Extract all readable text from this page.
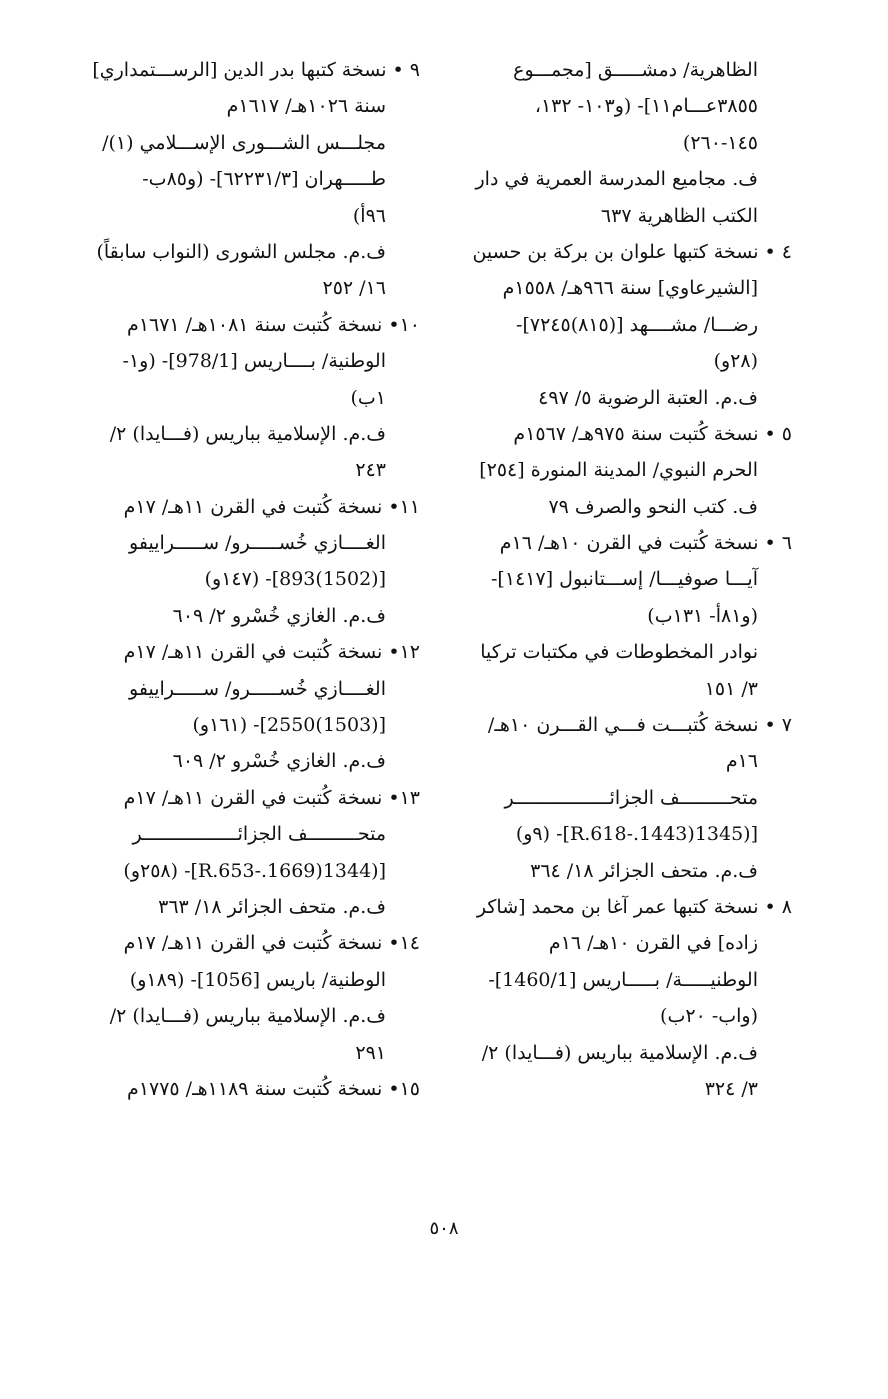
الظاهرية/ دمشـــــق [مجمـــوع
٣٨٥٥عـــام١١]- (و١٠٣- ١٣٢،
١٤٥-٢٦٠)
ف. مجاميع المدرسة العمرية في دار
الكتب الظاهرية ٦٣٧
٤ • نسخة كتبها علوان بن بركة بن حسين
[الشيرعاوي] سنة ٩٦٦هـ/ ١٥٥٨م
رضـــا/ مشــــهد [(٨١٥)٧٢٤٥]-
(٢٨و)
ف.م. العتبة الرضوية ٥/ ٤٩٧
٥ • نسخة كُتبت سنة ٩٧٥هـ/ ١٥٦٧م
الحرم النبوي/ المدينة المنورة [٢٥٤]
ف. كتب النحو والصرف ٧٩
٦ • نسخة كُتبت في القرن ١٠هـ/ ١٦م
آيـــا صوفيـــا/ إســـتانبول [١٤١٧]-
(و٨١أ- ١٣١ب)
نوادر المخطوطات في مكتبات تركيا
٣/ ١٥١
٧ • نسخة كُتبـــت فـــي القـــرن ١٠هـ/
١٦م
متحـــــــــف الجزائـــــــــــــــــر
[(1345(1443.-R.618]- (٩و)
ف.م. متحف الجزائر ١٨/ ٣٦٤
٨ • نسخة كتبها عمر آغا بن محمد [شاكر
زاده] في القرن ١٠هـ/ ١٦م
الوطنيـــــة/ بـــــاريس [1460/1]-
(واب- ٢٠ب)
ف.م. الإسلامية بباريس (فـــايدا) ٢/
٣/ ٣٢٤
٩ • نسخة كتبها بدر الدين [الرســـتمداري]
سنة ١٠٢٦هـ/ ١٦١٧م
مجلـــس الشـــورى الإســـلامي (١)/
طـــــهران [٦٢٢٣١/٣]- (و٨٥ب-
٩٦أ)
ف.م. مجلس الشورى (النواب سابقاً)
١٦/ ٢٥٢
١٠• نسخة كُتبت سنة ١٠٨١هـ/ ١٦٧١م
الوطنية/ بــــاريس [978/1]- (و١-
١ب)
ف.م. الإسلامية بباريس (فـــايدا) ٢/
٢٤٣
١١• نسخة كُتبت في القرن ١١هـ/ ١٧م
الغــــازي خُســـــرو/ ســـــراييفو
[(1502)893]- (١٤٧و)
ف.م. الغازي خُسْرو ٢/ ٦٠٩
١٢• نسخة كُتبت في القرن ١١هـ/ ١٧م
الغــــازي خُســـــرو/ ســـــراييفو
[(1503)2550]- (١٦١و)
ف.م. الغازي خُسْرو ٢/ ٦٠٩
١٣• نسخة كُتبت في القرن ١١هـ/ ١٧م
متحـــــــــف الجزائـــــــــــــــــر
[(1344(1669.-R.653]- (٢٥٨و)
ف.م. متحف الجزائر ١٨/ ٣٦٣
١٤• نسخة كُتبت في القرن ١١هـ/ ١٧م
الوطنية/ باريس [1056]- (١٨٩و)
ف.م. الإسلامية بباريس (فـــايدا) ٢/
٢٩١
١٥• نسخة كُتبت سنة ١١٨٩هـ/ ١٧٧٥م
٥٠٨
